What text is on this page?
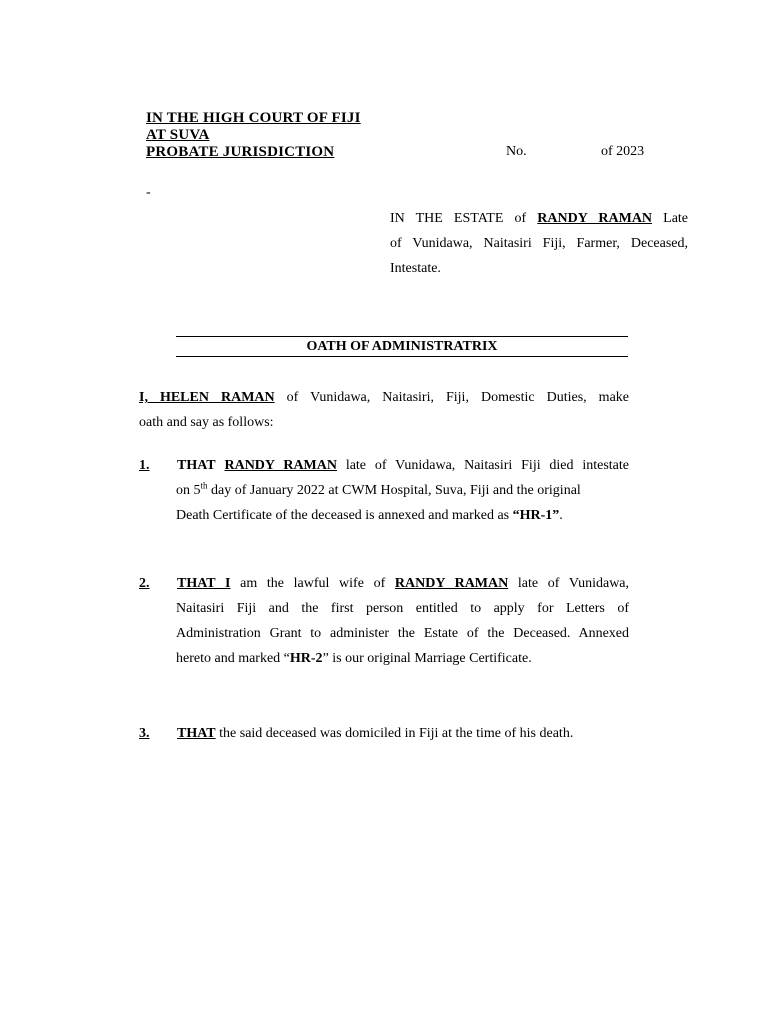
IN THE HIGH COURT OF FIJI
AT SUVA
PROBATE JURISDICTION	No.	of 2023
-
IN THE ESTATE of RANDY RAMAN Late
of Vunidawa, Naitasiri Fiji, Farmer, Deceased,
Intestate.
OATH OF ADMINISTRATRIX
I, HELEN RAMAN of Vunidawa, Naitasiri, Fiji, Domestic Duties, make
oath and say as follows:
1. THAT RANDY RAMAN late of Vunidawa, Naitasiri Fiji died intestate
on 5th day of January 2022 at CWM Hospital, Suva, Fiji and the original
Death Certificate of the deceased is annexed and marked as “HR-1”.
2. THAT I am the lawful wife of RANDY RAMAN late of Vunidawa,
Naitasiri Fiji and the first person entitled to apply for Letters of
Administration Grant to administer the Estate of the Deceased. Annexed
hereto and marked “HR-2” is our original Marriage Certificate.
3. THAT the said deceased was domiciled in Fiji at the time of his death.
